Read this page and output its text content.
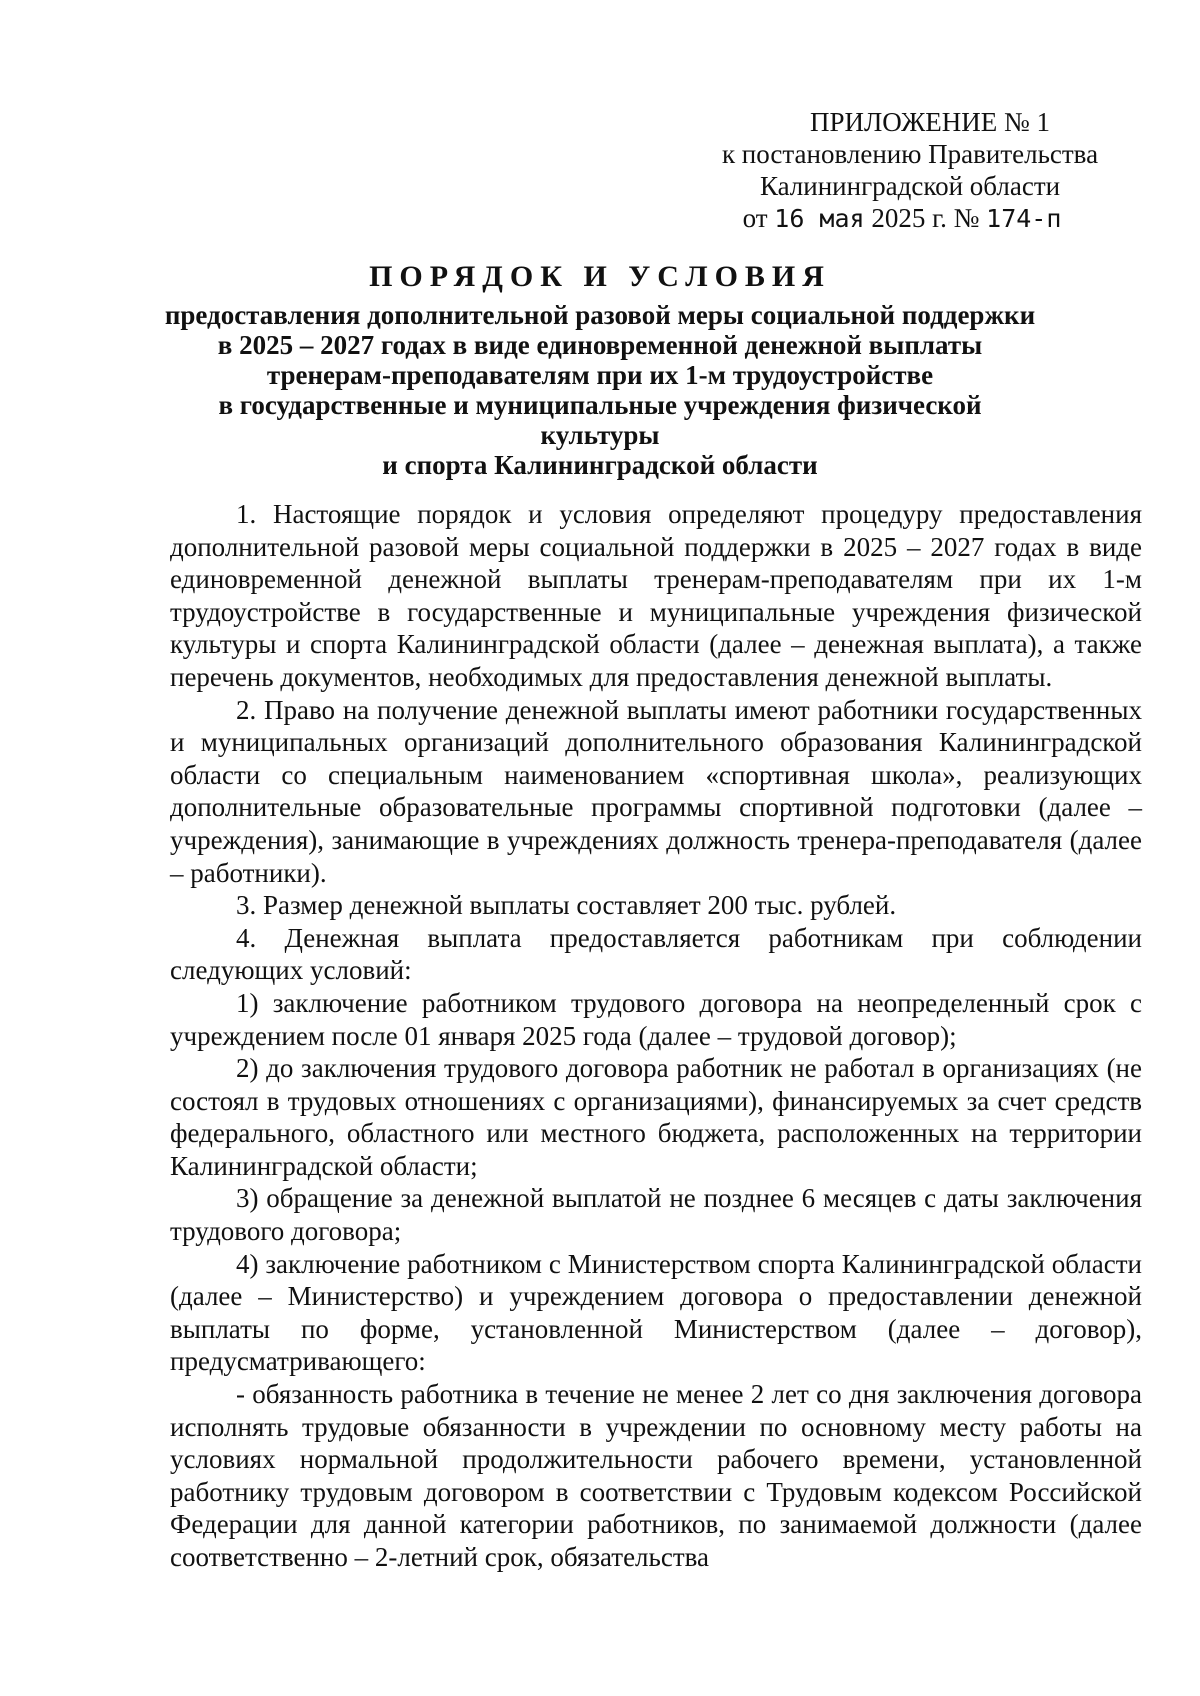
ПРИЛОЖЕНИЕ № 1
к постановлению Правительства
Калининградской области
от 16 мая 2025 г. № 174-п
ПОРЯДОК И УСЛОВИЯ
предоставления дополнительной разовой меры социальной поддержки
в 2025 – 2027 годах в виде единовременной денежной выплаты
тренерам-преподавателям при их 1-м трудоустройстве
в государственные и муниципальные учреждения физической культуры
и спорта Калининградской области

1. Настоящие порядок и условия определяют процедуру предоставления дополнительной разовой меры социальной поддержки в 2025 – 2027 годах в виде единовременной денежной выплаты тренерам-преподавателям при их 1-м трудоустройстве в государственные и муниципальные учреждения физической культуры и спорта Калининградской области (далее – денежная выплата), а также перечень документов, необходимых для предоставления денежной выплаты.

2. Право на получение денежной выплаты имеют работники государственных и муниципальных организаций дополнительного образования Калининградской области со специальным наименованием «спортивная школа», реализующих дополнительные образовательные программы спортивной подготовки (далее – учреждения), занимающие в учреждениях должность тренера-преподавателя (далее – работники).

3. Размер денежной выплаты составляет 200 тыс. рублей.

4. Денежная выплата предоставляется работникам при соблюдении следующих условий:

1) заключение работником трудового договора на неопределенный срок с учреждением после 01 января 2025 года (далее – трудовой договор);

2) до заключения трудового договора работник не работал в организациях (не состоял в трудовых отношениях с организациями), финансируемых за счет средств федерального, областного или местного бюджета, расположенных на территории Калининградской области;

3) обращение за денежной выплатой не позднее 6 месяцев с даты заключения трудового договора;

4) заключение работником с Министерством спорта Калининградской области (далее – Министерство) и учреждением договора о предоставлении денежной выплаты по форме, установленной Министерством (далее – договор), предусматривающего:

- обязанность работника в течение не менее 2 лет со дня заключения договора исполнять трудовые обязанности в учреждении по основному месту работы на условиях нормальной продолжительности рабочего времени, установленной работнику трудовым договором в соответствии с Трудовым кодексом Российской Федерации для данной категории работников, по занимаемой должности (далее соответственно – 2-летний срок, обязательства
